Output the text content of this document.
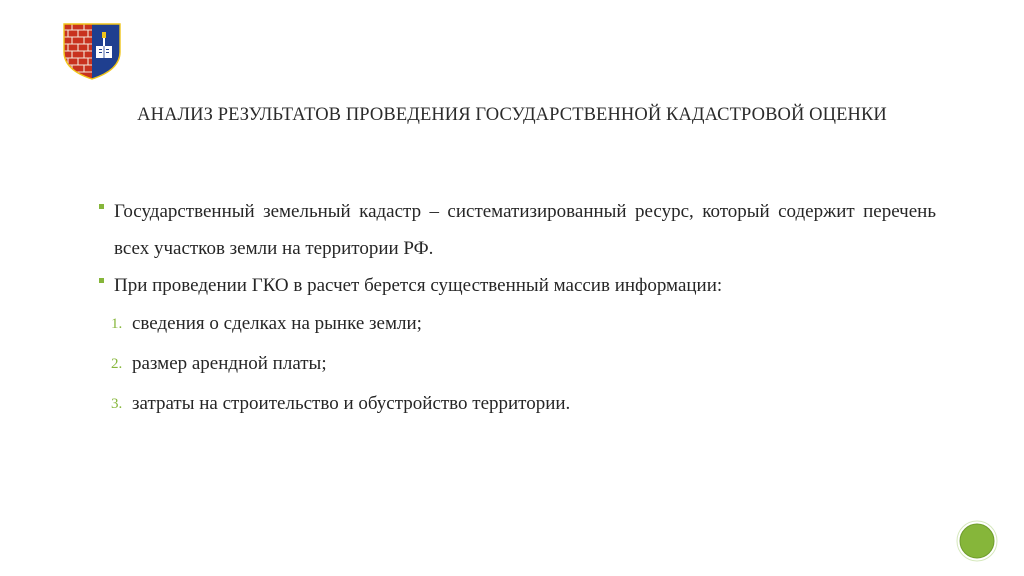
АНАЛИЗ РЕЗУЛЬТАТОВ ПРОВЕДЕНИЯ ГОСУДАРСТВЕННОЙ КАДАСТРОВОЙ ОЦЕНКИ
Государственный земельный кадастр – систематизированный ресурс, который содержит перечень всех участков земли на территории РФ.
При проведении ГКО в расчет берется существенный массив информации:
1. сведения о сделках на рынке земли;
2. размер арендной платы;
3. затраты на строительство и обустройство территории.
